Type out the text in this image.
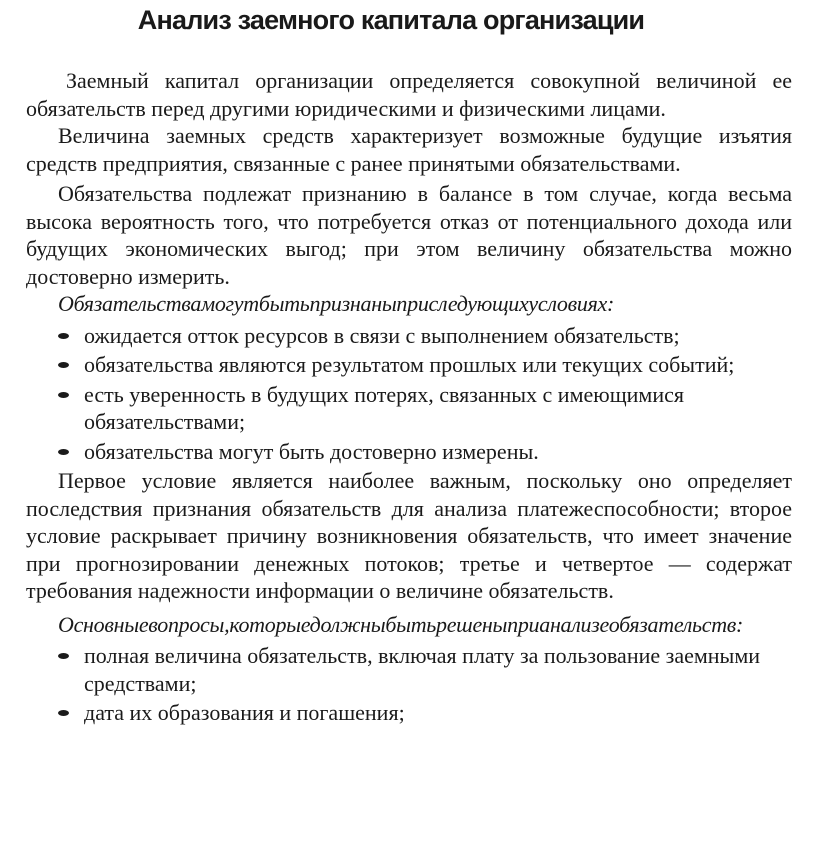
Анализ заемного капитала организации

Заемный капитал организации определяется совокупной величиной ее обязательств перед другими юридическими и физическими лицами.

Величина заемных средств характеризует возможные будущие изъятия средств предприятия, связанные с ранее принятыми обязательствами.

Обязательства подлежат признанию в балансе в том случае, когда весьма высока вероятность того, что потребуется отказ от потенциального дохода или будущих экономических выгод; при этом величину обязательства можно достоверно измерить.

Обязательствамогутбытьпризнаныприследующихусловиях:

ожидается отток ресурсов в связи с выполнением обязательств;
обязательства являются результатом прошлых или текущих событий;
есть уверенность в будущих потерях, связанных с имеющимися обязательствами;
обязательства могут быть достоверно измерены.

Первое условие является наиболее важным, поскольку оно определяет последствия признания обязательств для анализа платежеспособности; второе условие раскрывает причину возникновения обязательств, что имеет значение при прогнозировании денежных потоков; третье и четвертое — содержат требования надежности информации о величине обязательств.

Основныевопросы,которыедолжныбытьрешеныприанализеобязательств:

полная величина обязательств, включая плату за пользование заемными средствами;
дата их образования и погашения;
